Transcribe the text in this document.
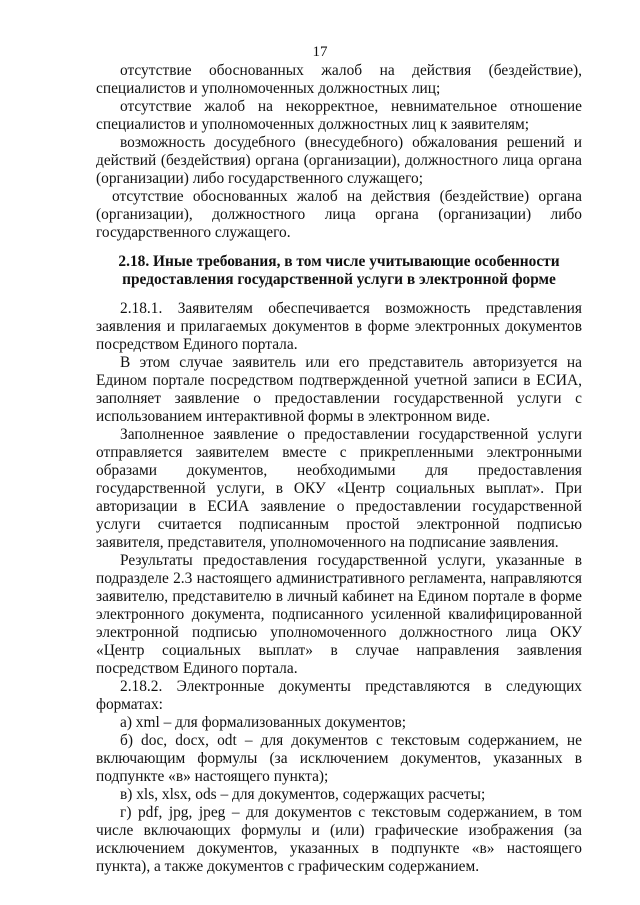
17
отсутствие обоснованных жалоб на действия (бездействие), специалистов и уполномоченных должностных лиц;
отсутствие жалоб на некорректное, невнимательное отношение специалистов и уполномоченных должностных лиц к заявителям;
возможность досудебного (внесудебного) обжалования решений и действий (бездействия) органа (организации), должностного лица органа (организации) либо государственного служащего;
отсутствие обоснованных жалоб на действия (бездействие) органа (организации), должностного лица органа (организации) либо государственного служащего.
2.18. Иные требования, в том числе учитывающие особенности
предоставления государственной услуги в электронной форме
2.18.1. Заявителям обеспечивается возможность представления заявления и прилагаемых документов в форме электронных документов посредством Единого портала.
В этом случае заявитель или его представитель авторизуется на Едином портале посредством подтвержденной учетной записи в ЕСИА, заполняет заявление о предоставлении государственной услуги с использованием интерактивной формы в электронном виде.
Заполненное заявление о предоставлении государственной услуги отправляется заявителем вместе с прикрепленными электронными образами документов, необходимыми для предоставления государственной услуги, в ОКУ «Центр социальных выплат». При авторизации в ЕСИА заявление о предоставлении государственной услуги считается подписанным простой электронной подписью заявителя, представителя, уполномоченного на подписание заявления.
Результаты предоставления государственной услуги, указанные в подразделе 2.3 настоящего административного регламента, направляются заявителю, представителю в личный кабинет на Едином портале в форме электронного документа, подписанного усиленной квалифицированной электронной подписью уполномоченного должностного лица ОКУ «Центр социальных выплат» в случае направления заявления посредством Единого портала.
2.18.2. Электронные документы представляются в следующих форматах:
а) xml – для формализованных документов;
б) doc, docx, odt – для документов с текстовым содержанием, не включающим формулы (за исключением документов, указанных в подпункте «в» настоящего пункта);
в) xls, xlsx, ods – для документов, содержащих расчеты;
г) pdf, jpg, jpeg – для документов с текстовым содержанием, в том числе включающих формулы и (или) графические изображения (за исключением документов, указанных в подпункте «в» настоящего пункта), а также документов с графическим содержанием.
